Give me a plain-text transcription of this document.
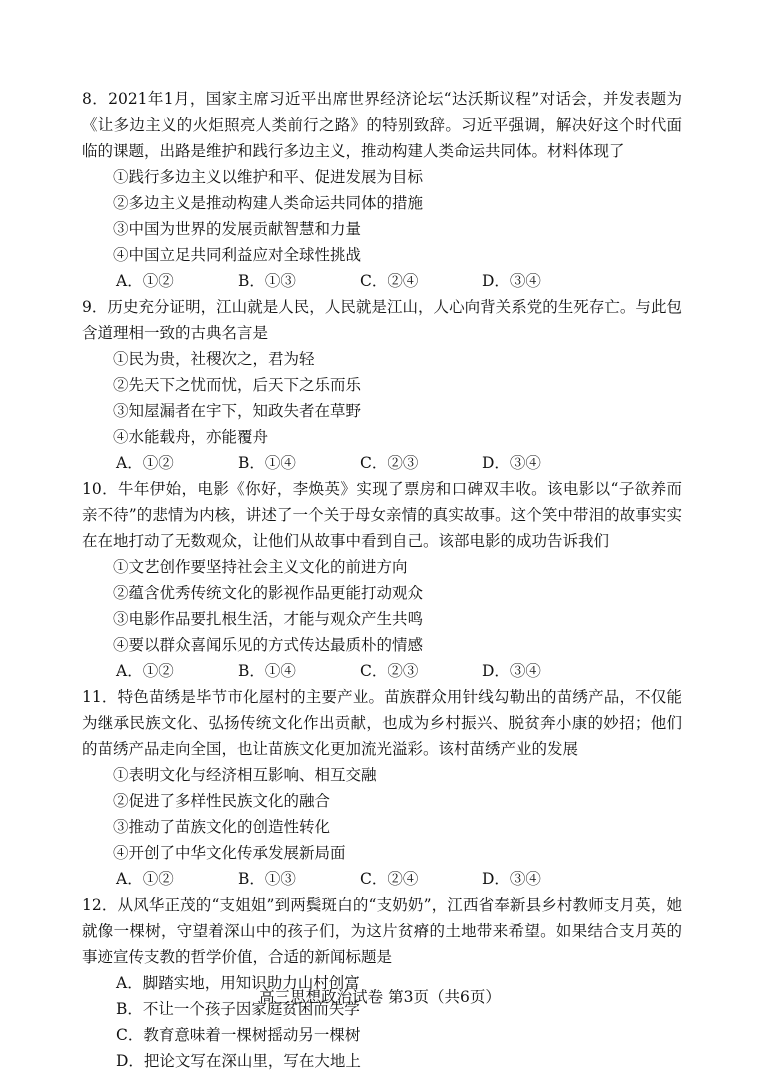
8．2021年1月，国家主席习近平出席世界经济论坛“达沃斯议程”对话会，并发表题为《让多边主义的火炬照亮人类前行之路》的特别致辞。习近平强调，解决好这个时代面临的课题，出路是维护和践行多边主义，推动构建人类命运共同体。材料体现了

①践行多边主义以维护和平、促进发展为目标

②多边主义是推动构建人类命运共同体的措施

③中国为世界的发展贡献智慧和力量

④中国立足共同利益应对全球性挑战

A．①②	B．①③	C．②④	D．③④

9．历史充分证明，江山就是人民，人民就是江山，人心向背关系党的生死存亡。与此包含道理相一致的古典名言是

①民为贵，社稷次之，君为轻

②先天下之忧而忧，后天下之乐而乐

③知屋漏者在宇下，知政失者在草野

④水能载舟，亦能覆舟

A．①②	B．①④	C．②③	D．③④

10．牛年伊始，电影《你好，李焕英》实现了票房和口碑双丰收。该电影以“子欲养而亲不待”的悲情为内核，讲述了一个关于母女亲情的真实故事。这个笑中带泪的故事实实在在地打动了无数观众，让他们从故事中看到自己。该部电影的成功告诉我们

①文艺创作要坚持社会主义文化的前进方向

②蕴含优秀传统文化的影视作品更能打动观众

③电影作品要扎根生活，才能与观众产生共鸣

④要以群众喜闻乐见的方式传达最质朴的情感

A．①②	B．①④	C．②③	D．③④

11．特色苗绣是毕节市化屋村的主要产业。苗族群众用针线勾勒出的苗绣产品，不仅能为继承民族文化、弘扬传统文化作出贡献，也成为乡村振兴、脱贫奔小康的妙招；他们的苗绣产品走向全国，也让苗族文化更加流光溢彩。该村苗绣产业的发展

①表明文化与经济相互影响、相互交融

②促进了多样性民族文化的融合

③推动了苗族文化的创造性转化

④开创了中华文化传承发展新局面

A．①②	B．①③	C．②④	D．③④

12．从风华正茂的“支姐姐”到两鬓斑白的“支奶奶”，江西省奉新县乡村教师支月英，她就像一棵树，守望着深山中的孩子们，为这片贫瘠的土地带来希望。如果结合支月英的事迹宣传支教的哲学价值，合适的新闻标题是

A．脚踏实地，用知识助力山村创富

B．不让一个孩子因家庭贫困而失学

C．教育意味着一棵树摇动另一棵树

D．把论文写在深山里，写在大地上

高三思想政治试卷 第3页（共6页）
